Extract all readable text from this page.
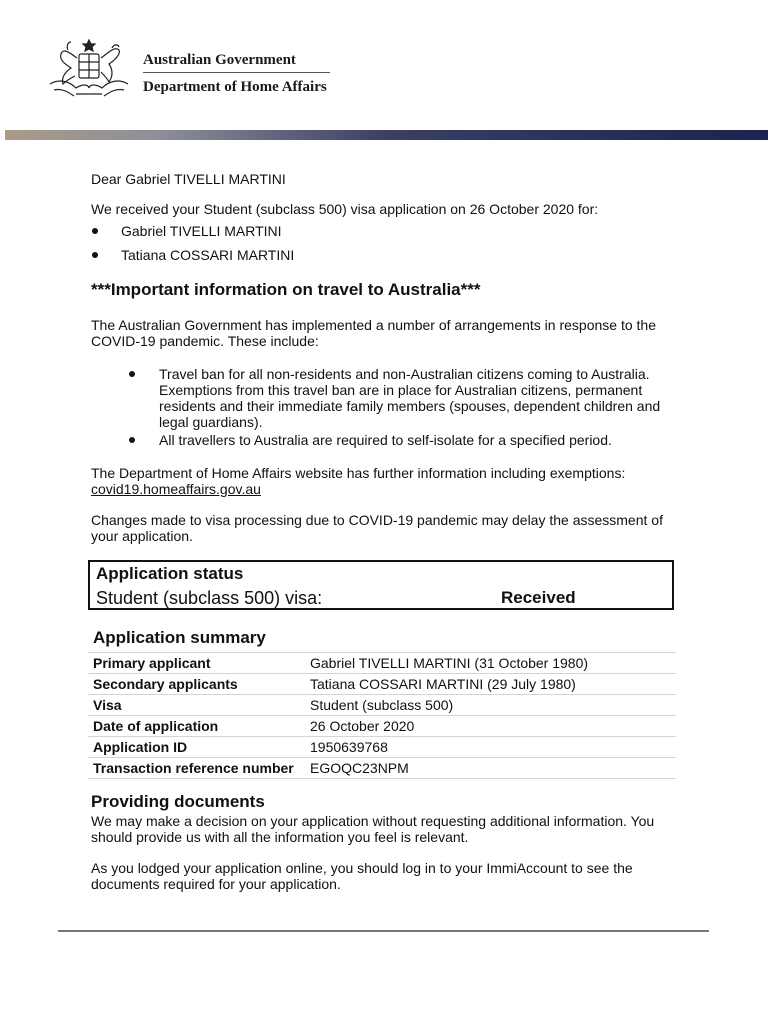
Australian Government
Department of Home Affairs
Dear Gabriel TIVELLI MARTINI
We received your Student (subclass 500) visa application on 26 October 2020 for:
Gabriel TIVELLI MARTINI
Tatiana COSSARI MARTINI
***Important information on travel to Australia***
The Australian Government has implemented a number of arrangements in response to the COVID-19 pandemic. These include:
Travel ban for all non-residents and non-Australian citizens coming to Australia. Exemptions from this travel ban are in place for Australian citizens, permanent residents and their immediate family members (spouses, dependent children and legal guardians).
All travellers to Australia are required to self-isolate for a specified period.
The Department of Home Affairs website has further information including exemptions:
covid19.homeaffairs.gov.au
Changes made to visa processing due to COVID-19 pandemic may delay the assessment of your application.
Application status
Student (subclass 500) visa:	Received
Application summary
Primary applicant	Gabriel TIVELLI MARTINI (31 October 1980)
Secondary applicants	Tatiana COSSARI MARTINI (29 July 1980)
Visa	Student (subclass 500)
Date of application	26 October 2020
Application ID	1950639768
Transaction reference number EGOQC23NPM
Providing documents
We may make a decision on your application without requesting additional information. You should provide us with all the information you feel is relevant.
As you lodged your application online, you should log in to your ImmiAccount to see the documents required for your application.
